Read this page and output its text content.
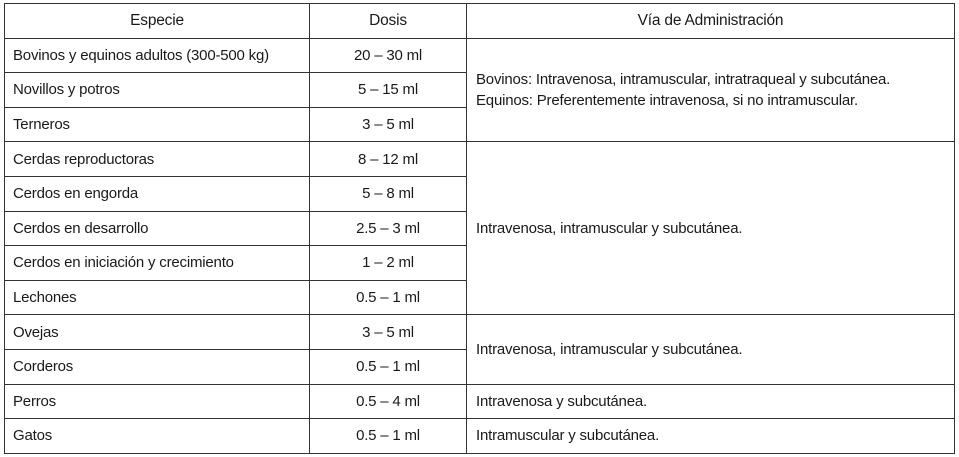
Especie	Dosis	Vía de Administración
Bovinos y equinos adultos (300-500 kg)	20 – 30 ml	Bovinos: Intravenosa, intramuscular, intratraqueal y subcutánea.
Equinos: Preferentemente intravenosa, si no intramuscular.

Novillos y potros	5 – 15 ml	
Terneros	3 – 5 ml	
Cerdas reproductoras	8 – 12 ml	Intravenosa, intramuscular y subcutánea.
Cerdos en engorda	5 – 8 ml	
Cerdos en desarrollo	2.5 – 3 ml	
Cerdos en iniciación y crecimiento	1 – 2 ml	
Lechones	0.5 – 1 ml	
Ovejas	3 – 5 ml	Intravenosa, intramuscular y subcutánea.
Corderos	0.5 – 1 ml	
Perros	0.5 – 4 ml	Intravenosa y subcutánea.
Gatos	0.5 – 1 ml	Intramuscular y subcutánea.
